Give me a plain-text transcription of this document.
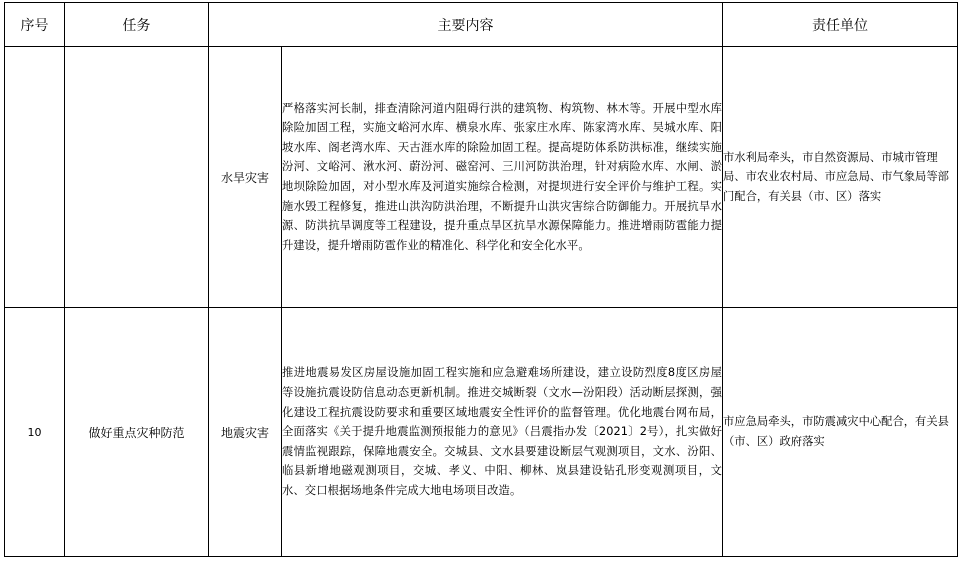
序号	任务	主要内容		责任单位
		水旱灾害	严格落实河长制，排查清除河道内阻碍行洪的建筑物、构筑物、林木等。开展中型水库除险加固工程，实施文峪河水库、横泉水库、张家庄水库、陈家湾水库、吴城水库、阳坡水库、阁老湾水库、天古涯水库的除险加固工程。提高堤防体系防洪标准，继续实施汾河、文峪河、湫水河、蔚汾河、磁窑河、三川河防洪治理，针对病险水库、水闸、淤地坝除险加固，对小型水库及河道实施综合检测，对提坝进行安全评价与维护工程。实施水毁工程修复，推进山洪沟防洪治理，不断提升山洪灾害综合防御能力。开展抗旱水源、防洪抗旱调度等工程建设，提升重点旱区抗旱水源保障能力。推进增雨防雹能力提升建设，提升增雨防雹作业的精准化、科学化和安全化水平。	市水利局牵头，市自然资源局、市城市管理局、市农业农村局、市应急局、市气象局等部门配合，有关县（市、区）落实

10	做好重点灾种防范	地震灾害	推进地震易发区房屋设施加固工程实施和应急避难场所建设，建立设防烈度8度区房屋等设施抗震设防信息动态更新机制。推进交城断裂（文水—汾阳段）活动断层探测，强化建设工程抗震设防要求和重要区域地震安全性评价的监督管理。优化地震台网布局，全面落实《关于提升地震监测预报能力的意见》（吕震指办发〔2021〕2号），扎实做好震情监视跟踪，保障地震安全。交城县、文水县要建设断层气观测项目，文水、汾阳、临县新增地磁观测项目，交城、孝义、中阳、柳林、岚县建设钻孔形变观测项目，文水、交口根据场地条件完成大地电场项目改造。	市应急局牵头，市防震减灾中心配合，有关县（市、区）政府落实
